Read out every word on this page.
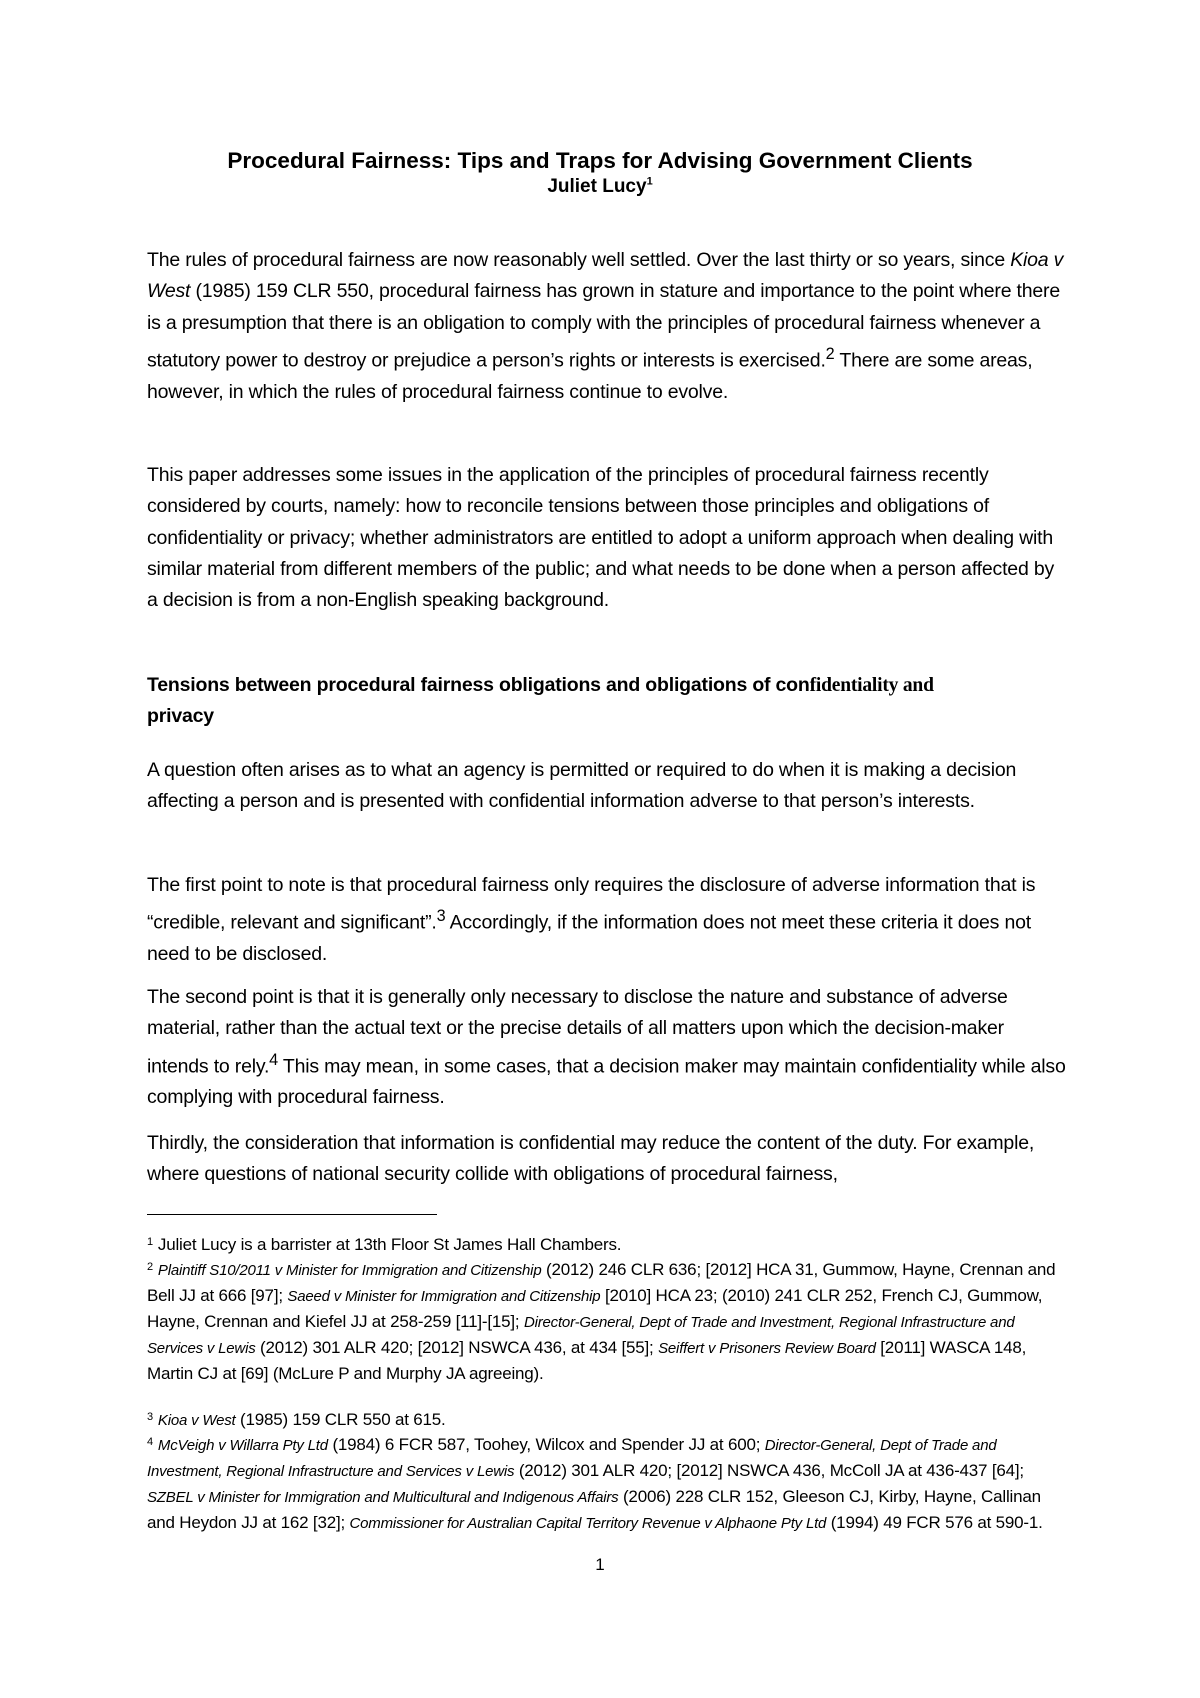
Procedural Fairness: Tips and Traps for Advising Government Clients

Juliet Lucy$^1$

The rules of procedural fairness are now reasonably well settled. Over the last thirty or so years, since Kioa v West (1985) 159 CLR 550, procedural fairness has grown in stature and importance to the point where there is a presumption that there is an obligation to comply with the principles of procedural fairness whenever a statutory power to destroy or prejudice a person’s rights or interests is exercised.$^2$ There are some areas, however, in which the rules of procedural fairness continue to evolve.

This paper addresses some issues in the application of the principles of procedural fairness recently considered by courts, namely: how to reconcile tensions between those principles and obligations of confidentiality or privacy; whether administrators are entitled to adopt a uniform approach when dealing with similar material from different members of the public; and what needs to be done when a person affected by a decision is from a non-English speaking background.

Tensions between procedural fairness obligations and obligations of confidentiality and
privacy

A question often arises as to what an agency is permitted or required to do when it is making a decision affecting a person and is presented with confidential information adverse to that person’s interests.

The first point to note is that procedural fairness only requires the disclosure of adverse information that is “credible, relevant and significant”.$^3$ Accordingly, if the information does not meet these criteria it does not need to be disclosed.

The second point is that it is generally only necessary to disclose the nature and substance of adverse material, rather than the actual text or the precise details of all matters upon which the decision-maker intends to rely.$^4$ This may mean, in some cases, that a decision maker may maintain confidentiality while also complying with procedural fairness.

Thirdly, the consideration that information is confidential may reduce the content of the duty. For example, where questions of national security collide with obligations of procedural fairness,

$^1$ Juliet Lucy is a barrister at 13th Floor St James Hall Chambers.

$^2$ Plaintiff S10/2011 v Minister for Immigration and Citizenship (2012) 246 CLR 636; [2012] HCA 31, Gummow, Hayne, Crennan and Bell JJ at 666 [97]; Saeed v Minister for Immigration and Citizenship [2010] HCA 23; (2010) 241 CLR 252, French CJ, Gummow, Hayne, Crennan and Kiefel JJ at 258-259 [11]-[15]; Director-General, Dept of Trade and Investment, Regional Infrastructure and Services v Lewis (2012) 301 ALR 420; [2012] NSWCA 436, at 434 [55]; Seiffert v Prisoners Review Board [2011] WASCA 148, Martin CJ at [69] (McLure P and Murphy JA agreeing).

$^3$ Kioa v West (1985) 159 CLR 550 at 615.

$^4$ McVeigh v Willarra Pty Ltd (1984) 6 FCR 587, Toohey, Wilcox and Spender JJ at 600; Director-General, Dept of Trade and Investment, Regional Infrastructure and Services v Lewis (2012) 301 ALR 420; [2012] NSWCA 436, McColl JA at 436-437 [64]; SZBEL v Minister for Immigration and Multicultural and Indigenous Affairs (2006) 228 CLR 152, Gleeson CJ, Kirby, Hayne, Callinan and Heydon JJ at 162 [32]; Commissioner for Australian Capital Territory Revenue v Alphaone Pty Ltd (1994) 49 FCR 576 at 590-1.

1
